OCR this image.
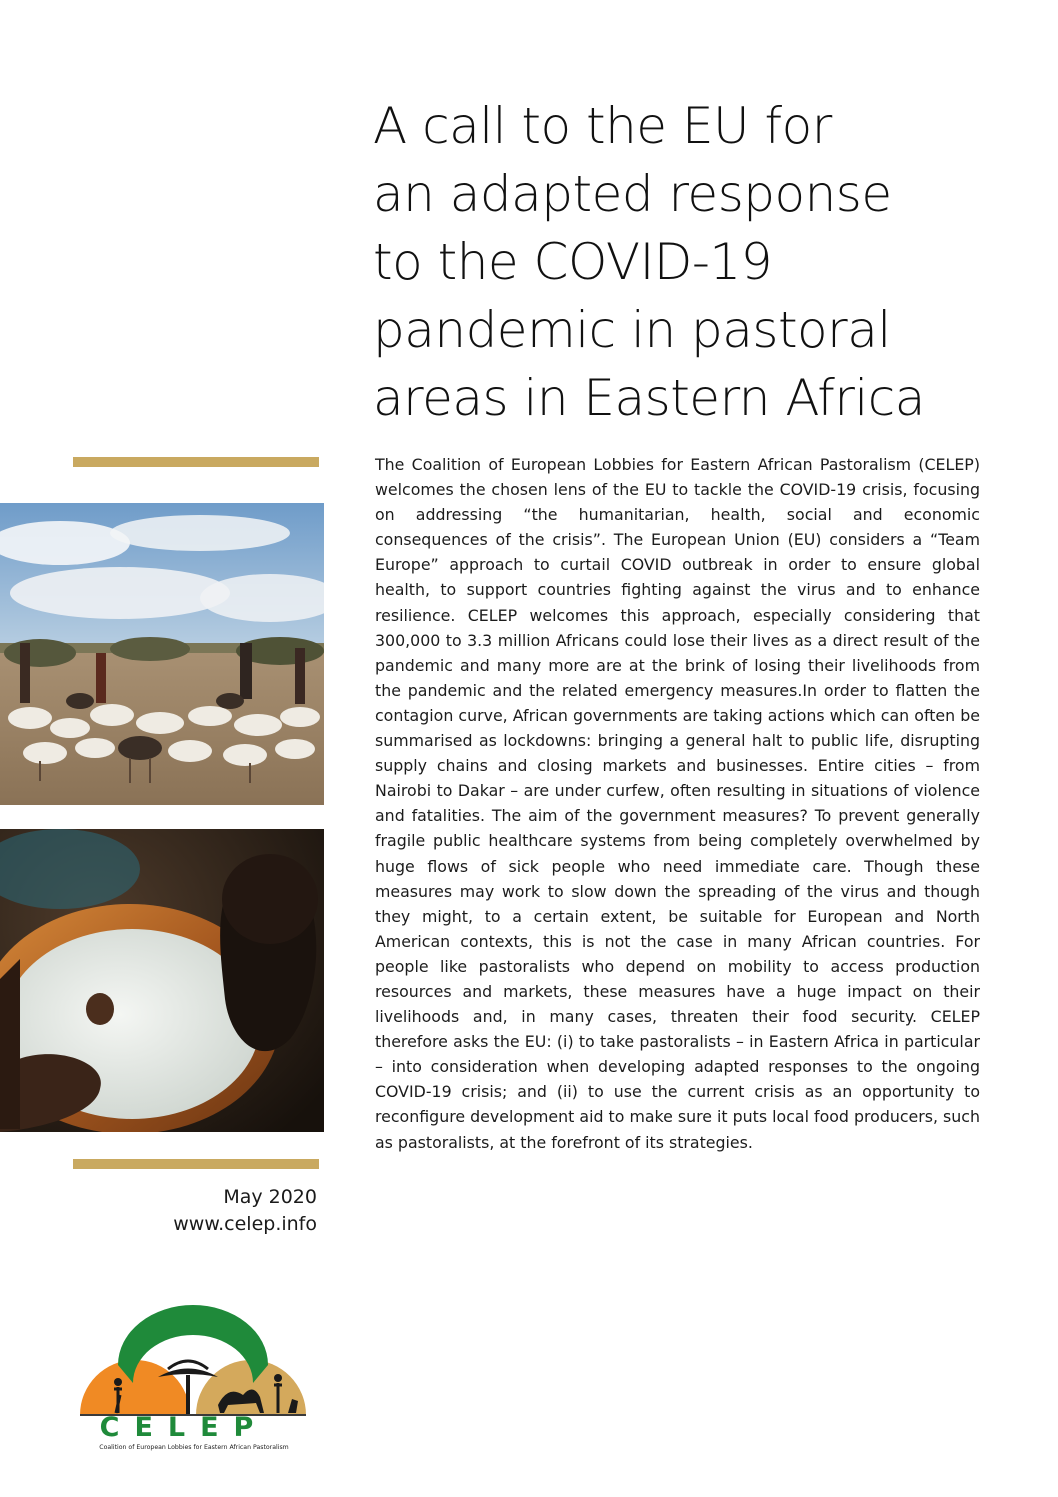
A call to the EU for
an adapted response
to the COVID-19
pandemic in pastoral
areas in Eastern Africa

The Coalition of European Lobbies for Eastern African Pastoralism (CELEP) welcomes the chosen lens of the EU to tackle the COVID-19 crisis, focusing on addressing “the humanitarian, health, social and economic consequences of the crisis”. The European Union (EU) considers a “Team Europe” approach to curtail COVID outbreak in order to ensure global health, to support countries fighting against the virus and to enhance resilience. CELEP welcomes this approach, especially considering that 300,000 to 3.3 million Africans could lose their lives as a direct result of the pandemic and many more are at the brink of losing their livelihoods from the pandemic and the related emergency measures.In order to flatten the contagion curve, African governments are taking actions which can often be summarised as lockdowns: bringing a general halt to public life, disrupting supply chains and closing markets and businesses. Entire cities – from Nairobi to Dakar – are under curfew, often resulting in situations of violence and fatalities. The aim of the government measures? To prevent generally fragile public healthcare systems from being completely overwhelmed by huge flows of sick people who need immediate care. Though these measures may work to slow down the spreading of the virus and though they might, to a certain extent, be suitable for European and North American contexts, this is not the case in many African countries. For people like pastoralists who depend on mobility to access production resources and markets, these measures have a huge impact on their livelihoods and, in many cases, threaten their food security. CELEP therefore asks the EU: (i) to take pastoralists – in Eastern Africa in particular – into consideration when developing adapted responses to the ongoing COVID-19 crisis; and (ii) to use the current crisis as an opportunity to reconfigure development aid to make sure it puts local food producers, such as pastoralists, at the forefront of its strategies.

May 2020
www.celep.info
CELEP
Coalition of European Lobbies for Eastern African Pastoralism
